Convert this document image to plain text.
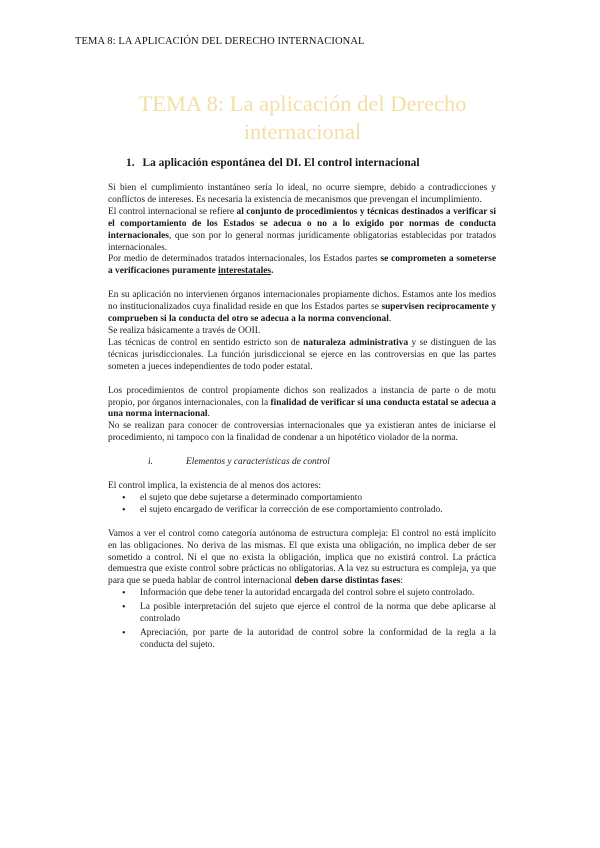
TEMA 8: LA APLICACIÓN DEL DERECHO INTERNACIONAL
TEMA 8: La aplicación del Derecho
internacional
1. La aplicación espontánea del DI. El control internacional

Si bien el cumplimiento instantáneo sería lo ideal, no ocurre siempre, debido a contradicciones y conflictos de intereses. Es necesaria la existencia de mecanismos que prevengan el incumplimiento.

El control internacional se refiere al conjunto de procedimientos y técnicas destinados a verificar si el comportamiento de los Estados se adecua o no a lo exigido por normas de conducta internacionales, que son por lo general normas jurídicamente obligatorias establecidas por tratados internacionales.

Por medio de determinados tratados internacionales, los Estados partes se comprometen a someterse a verificaciones puramente interestatales.

En su aplicación no intervienen órganos internacionales propiamente dichos. Estamos ante los medios no institucionalizados cuya finalidad reside en que los Estados partes se supervisen recíprocamente y comprueben si la conducta del otro se adecua a la norma convencional.

Se realiza básicamente a través de OOII.

Las técnicas de control en sentido estricto son de naturaleza administrativa y se distinguen de las técnicas jurisdiccionales. La función jurisdiccional se ejerce en las controversias en que las partes someten a jueces independientes de todo poder estatal.

Los procedimientos de control propiamente dichos son realizados a instancia de parte o de motu propio, por órganos internacionales, con la finalidad de verificar si una conducta estatal se adecua a una norma internacional.

No se realizan para conocer de controversias internacionales que ya existieran antes de iniciarse el procedimiento, ni tampoco con la finalidad de condenar a un hipotético violador de la norma.

i.	Elementos y características de control

El control implica, la existencia de al menos dos actores:

• el sujeto que debe sujetarse a determinado comportamiento
• el sujeto encargado de verificar la corrección de ese comportamiento controlado.

Vamos a ver el control como categoría autónoma de estructura compleja: El control no está implícito en las obligaciones. No deriva de las mismas. El que exista una obligación, no implica deber de ser sometido a control. Ni el que no exista la obligación, implica que no existirá control. La práctica demuestra que existe control sobre prácticas no obligatorias. A la vez su estructura es compleja, ya que para que se pueda hablar de control internacional deben darse distintas fases:

• Información que debe tener la autoridad encargada del control sobre el sujeto controlado.
• La posible interpretación del sujeto que ejerce el control de la norma que debe aplicarse al controlado
• Apreciación, por parte de la autoridad de control sobre la conformidad de la regla a la conducta del sujeto.
